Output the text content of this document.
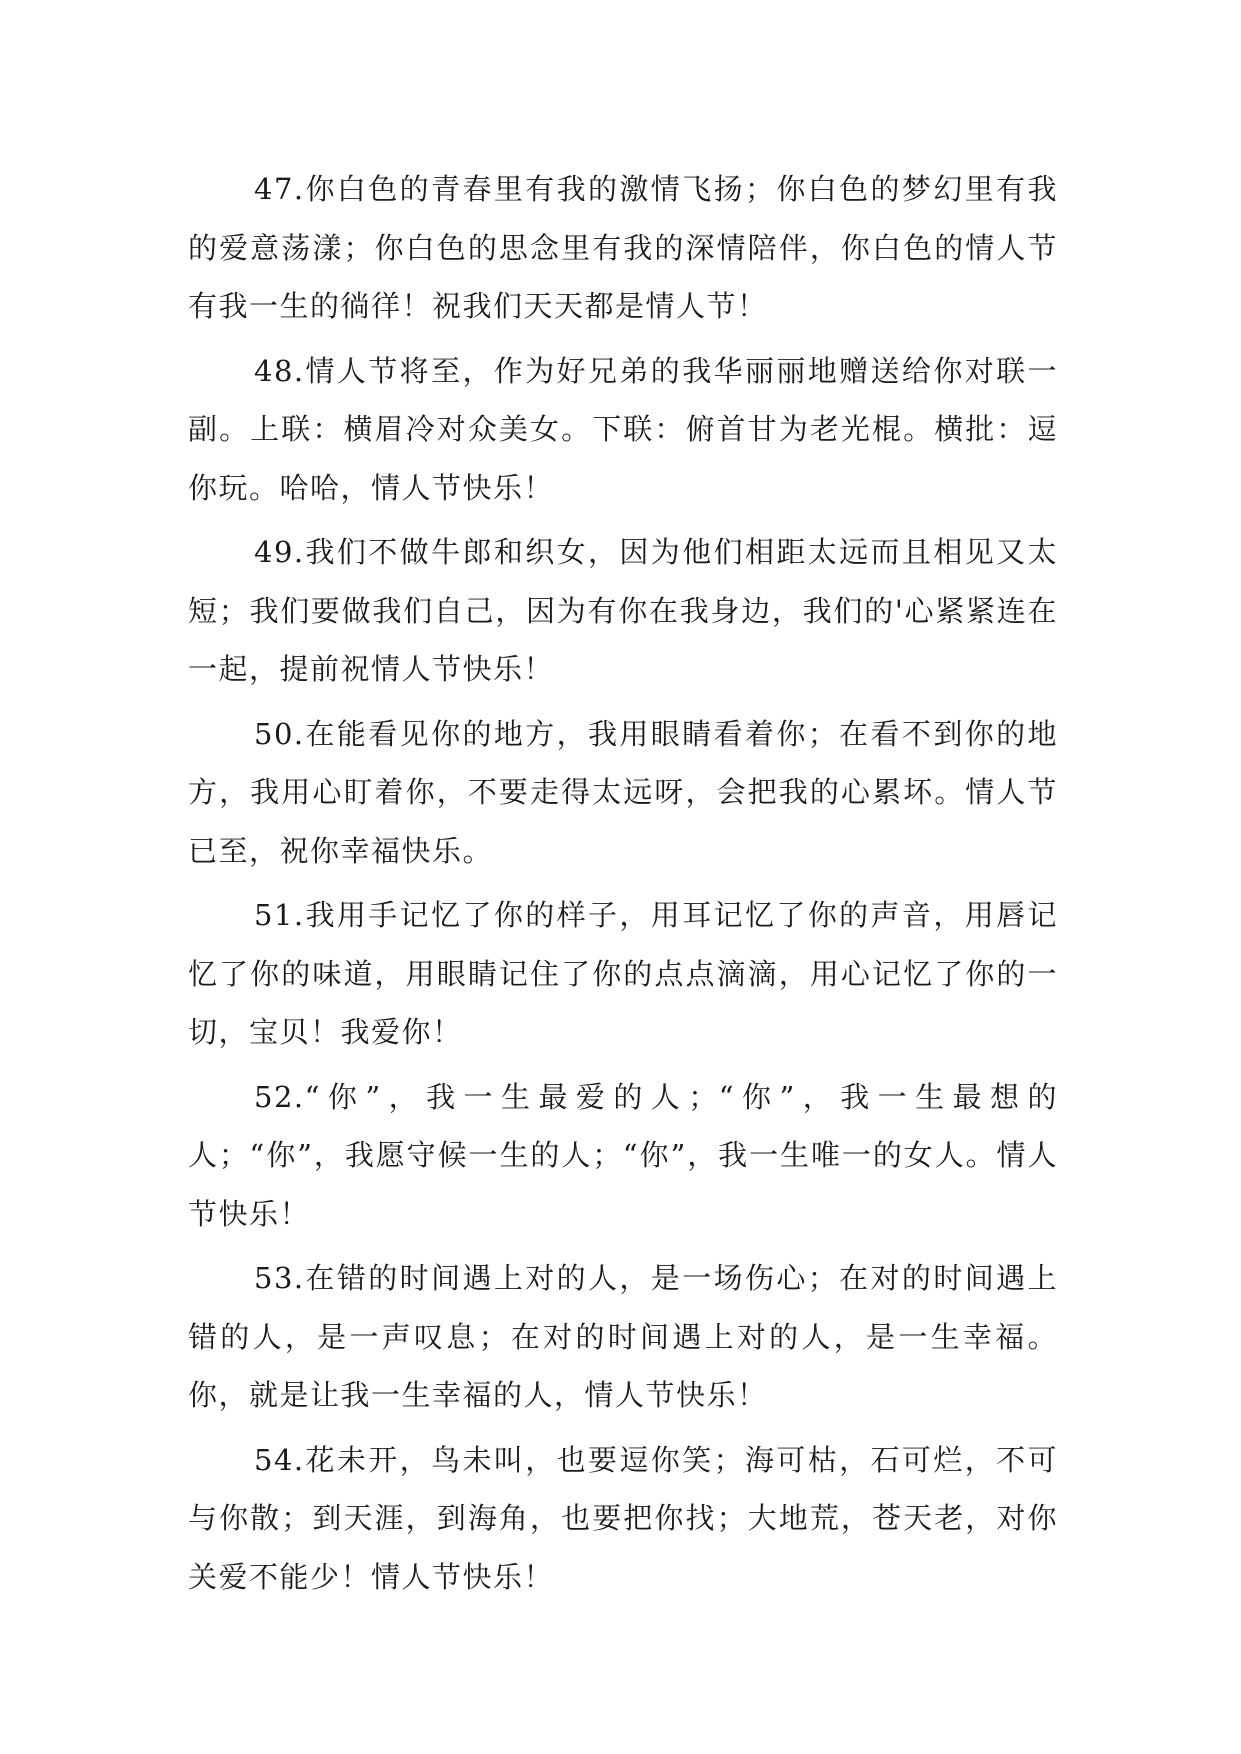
47.你白色的青春里有我的激情飞扬；你白色的梦幻里有我的爱意荡漾；你白色的思念里有我的深情陪伴，你白色的情人节有我一生的徜徉！祝我们天天都是情人节！

48.情人节将至，作为好兄弟的我华丽丽地赠送给你对联一副。上联：横眉冷对众美女。下联：俯首甘为老光棍。横批：逗你玩。哈哈，情人节快乐！

49.我们不做牛郎和织女，因为他们相距太远而且相见又太短；我们要做我们自己，因为有你在我身边，我们的'心紧紧连在一起，提前祝情人节快乐！

50.在能看见你的地方，我用眼睛看着你；在看不到你的地方，我用心盯着你，不要走得太远呀，会把我的心累坏。情人节已至，祝你幸福快乐。

51.我用手记忆了你的样子，用耳记忆了你的声音，用唇记忆了你的味道，用眼睛记住了你的点点滴滴，用心记忆了你的一切，宝贝！我爱你！

52.“你”，我一生最爱的人；“你”，我一生最想的人；“你”，我愿守候一生的人；“你”，我一生唯一的女人。情人节快乐！

53.在错的时间遇上对的人，是一场伤心；在对的时间遇上错的人，是一声叹息；在对的时间遇上对的人，是一生幸福。你，就是让我一生幸福的人，情人节快乐！

54.花未开，鸟未叫，也要逗你笑；海可枯，石可烂，不可与你散；到天涯，到海角，也要把你找；大地荒，苍天老，对你关爱不能少！情人节快乐！
